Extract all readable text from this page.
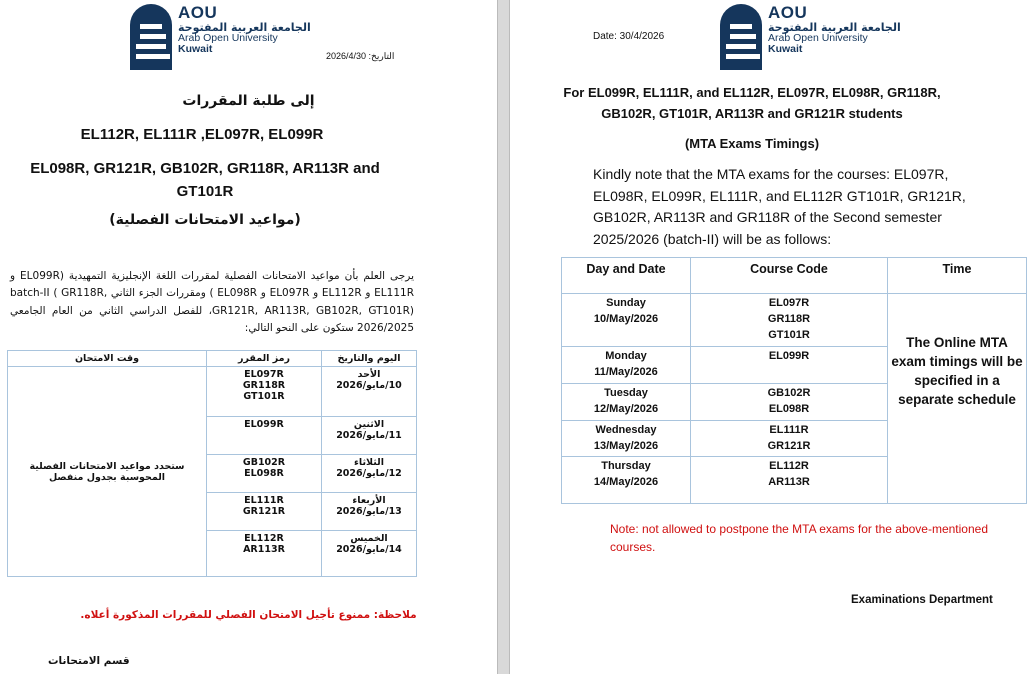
AOU
الجامعة العربية المفتوحة
Arab Open University
Kuwait
التاريخ: 2026/4/30
إلى طلبة المقررات
EL112R, EL111R ,EL097R, EL099R
EL098R, GR121R, GB102R, GR118R, AR113R and
GT101R
(مواعيد الامتحانات الفصلية)
يرجى العلم بأن مواعيد الامتحانات الفصلية لمقررات اللغة الإنجليزية التمهيدية (EL099R و EL111R و EL112R و EL097R و EL098R ) ومقررات الجزء الثاني batch-II ( GR118R, GR121R, AR113R, GB102R, GT101R)، للفصل الدراسي الثاني من العام الجامعي 2026/2025 ستكون على النحو التالي:
اليوم والتاريخ	رمز المقرر	وقت الامتحان

الأحد
10/مايو/2026	EL097R
GR118R
GT101R	ستحدد مواعيد الامتحانات الفصلية المحوسبة بجدول منفصل

الاثنين
11/مايو/2026	EL099R	

الثلاثاء
12/مايو/2026	GB102R
EL098R	

الأربعاء
13/مايو/2026	EL111R
GR121R	

الخميس
14/مايو/2026	EL112R
AR113R	
ملاحظة: ممنوع تأجيل الامتحان الفصلي للمقررات المذكورة أعلاه.
قسم الامتحانات
AOU
الجامعة العربية المفتوحة
Arab Open University
Kuwait
Date: 30/4/2026
For EL099R, EL111R, and EL112R, EL097R, EL098R, GR118R,
GB102R, GT101R, AR113R and GR121R students
(MTA Exams Timings)
Kindly note that the MTA exams for the courses: EL097R, EL098R, EL099R, EL111R, and EL112R GT101R, GR121R, GB102R, AR113R and GR118R of the Second semester 2025/2026 (batch-II) will be as follows:
Day and Date	Course Code	Time

Sunday
10/May/2026	EL097R
GR118R
GT101R	The Online MTA exam timings will be specified in a separate schedule

Monday
11/May/2026	EL099R	

Tuesday
12/May/2026	GB102R
EL098R	

Wednesday
13/May/2026	EL111R
GR121R	

Thursday
14/May/2026	EL112R
AR113R	
Note: not allowed to postpone the MTA exams for the above-mentioned courses.
Examinations Department
